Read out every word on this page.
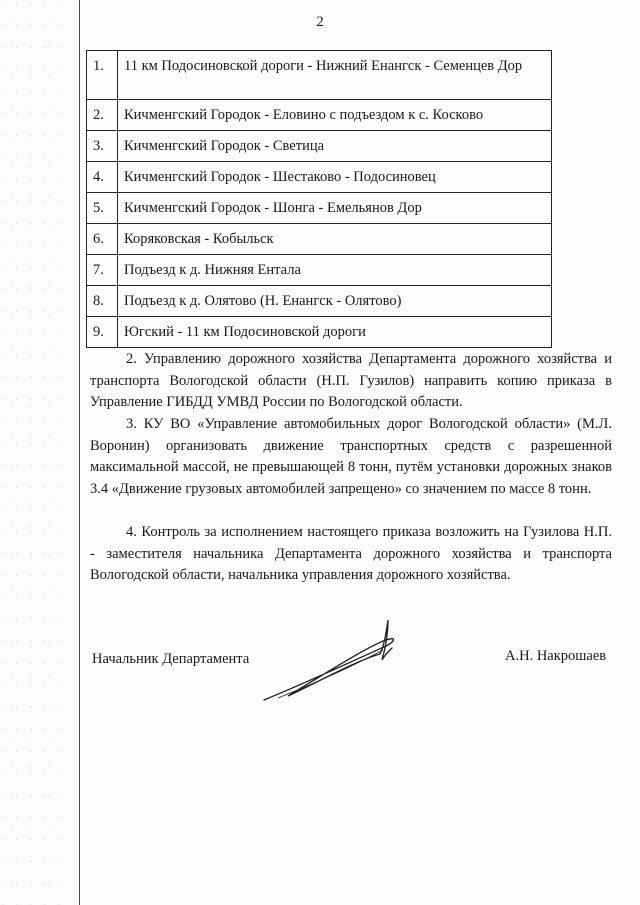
2
1.	11 км Подосиновской дороги - Нижний Енангск - Семенцев Дор
2.	Кичменгский Городок - Еловино с подъездом к с. Косково
3.	Кичменгский Городок - Светица
4.	Кичменгский Городок - Шестаково - Подосиновец
5.	Кичменгский Городок - Шонга - Емельянов Дор
6.	Коряковская - Кобыльск
7.	Подъезд к д. Нижняя Ентала
8.	Подъезд к д. Олятово (Н. Енангск - Олятово)
9.	Югский - 11 км Подосиновской дороги
2. Управлению дорожного хозяйства Департамента дорожного хозяйства и транспорта Вологодской области (Н.П. Гузилов) направить копию приказа в Управление ГИБДД УМВД России по Вологодской области.
3. КУ ВО «Управление автомобильных дорог Вологодской области» (М.Л. Воронин) организовать движение транспортных средств с разрешенной максимальной массой, не превышающей 8 тонн, путём установки дорожных знаков 3.4 «Движение грузовых автомобилей запрещено» со значением по массе 8 тонн.
4. Контроль за исполнением настоящего приказа возложить на Гузилова Н.П. - заместителя начальника Департамента дорожного хозяйства и транспорта Вологодской области, начальника управления дорожного хозяйства.
Начальник Департамента	А.Н. Накрошаев
